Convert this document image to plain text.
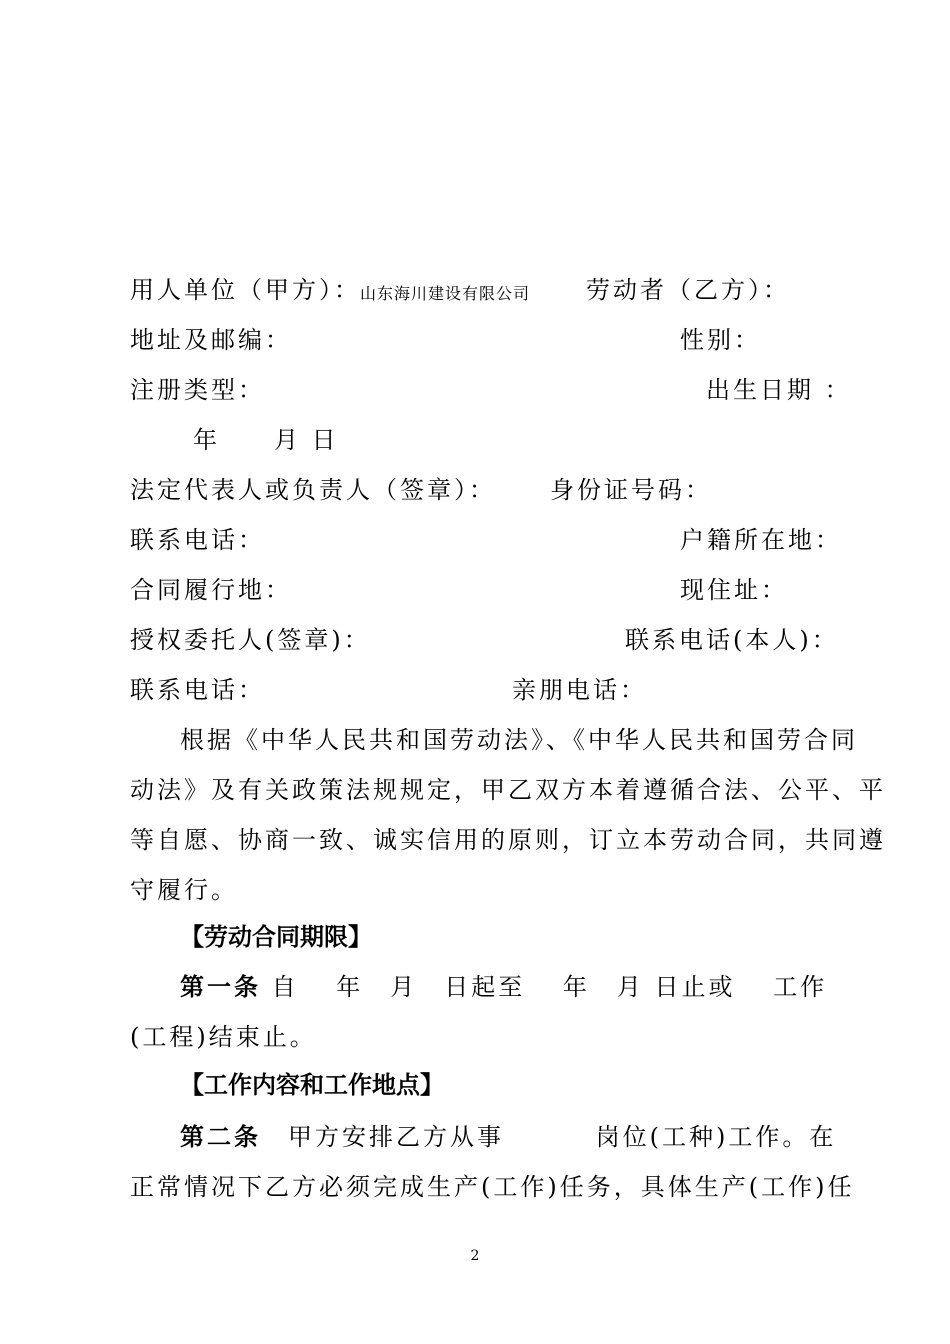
用人单位（甲方）： 山东海川建设有限公司 劳动者（乙方）：
地址及邮编：	性别：
注册类型：	出生日期 ：
年　　月 日
法定代表人或负责人（签章）： 身份证号码：
联系电话：	户籍所在地：
合同履行地：	现住址：
授权委托人(签章)：	联系电话(本人)：
联系电话：	亲朋电话：
根据《中华人民共和国劳动法》、《中华人民共和国劳合同
动法》及有关政策法规规定，甲乙双方本着遵循合法、公平、平
等自愿、协商一致、诚实信用的原则，订立本劳动合同，共同遵
守履行。
【劳动合同期限】
第一条 自　 年　月　日起至　 年　月 日止或　 工作
(工程)结束止。
【工作内容和工作地点】
第二条　甲方安排乙方从事　　　 岗位(工种)工作。在
正常情况下乙方必须完成生产(工作)任务，具体生产(工作)任
2
